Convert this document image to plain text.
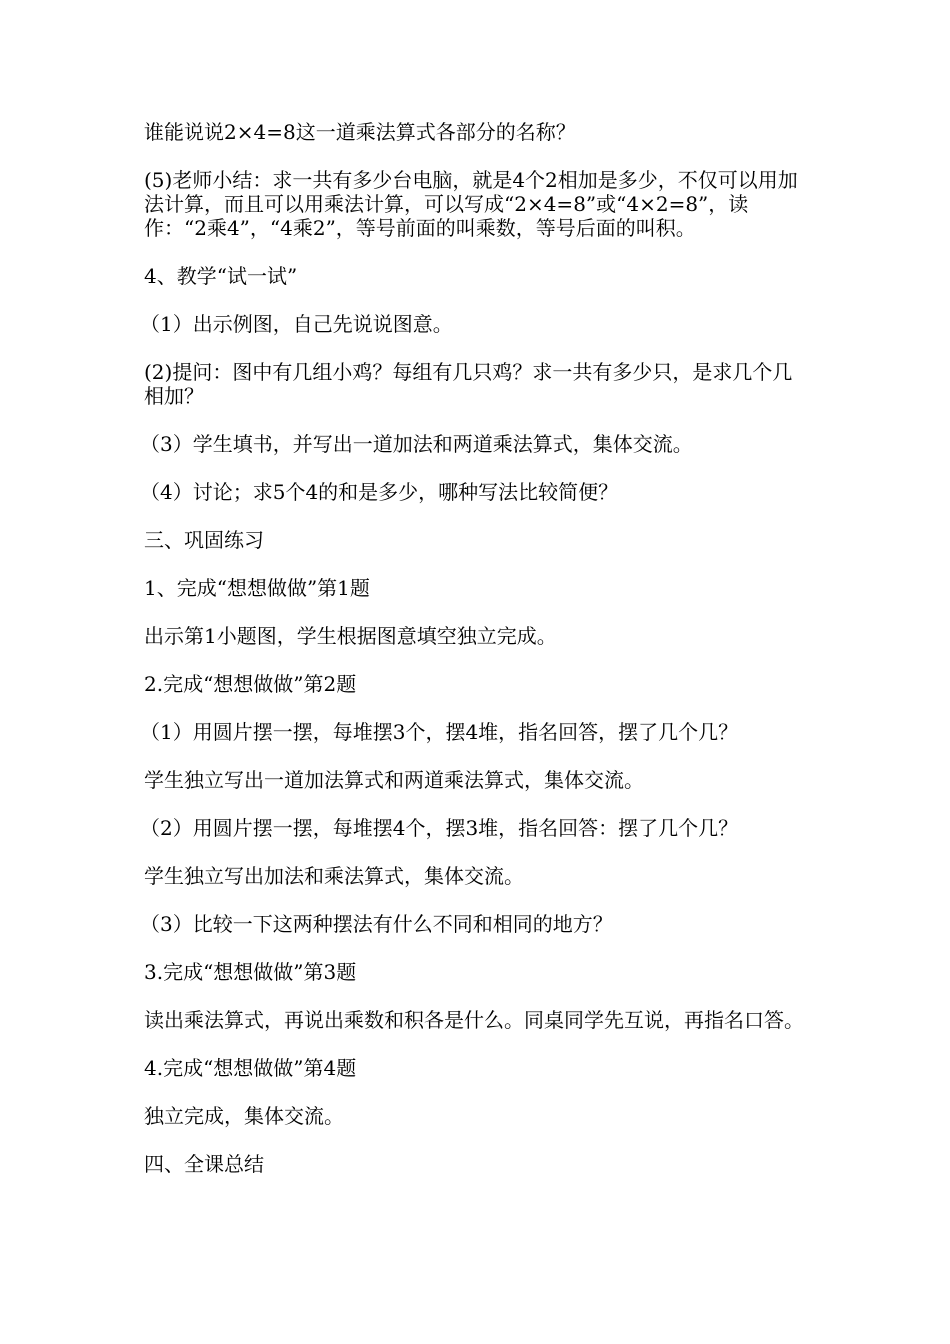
谁能说说2×4=8这一道乘法算式各部分的名称？

(5)老师小结：求一共有多少台电脑，就是4个2相加是多少，不仅可以用加法计算，而且可以用乘法计算，可以写成“2×4=8”或“4×2=8”，读作：“2乘4”，“4乘2”，等号前面的叫乘数，等号后面的叫积。

4、教学“试一试”

（1）出示例图，自己先说说图意。

(2)提问：图中有几组小鸡？每组有几只鸡？求一共有多少只，是求几个几相加？

（3）学生填书，并写出一道加法和两道乘法算式，集体交流。

（4）讨论；求5个4的和是多少，哪种写法比较简便？

三、巩固练习

1、完成“想想做做”第1题

出示第1小题图，学生根据图意填空独立完成。

2.完成“想想做做”第2题

（1）用圆片摆一摆，每堆摆3个，摆4堆，指名回答，摆了几个几？

学生独立写出一道加法算式和两道乘法算式，集体交流。

（2）用圆片摆一摆，每堆摆4个，摆3堆，指名回答：摆了几个几？

学生独立写出加法和乘法算式，集体交流。

（3）比较一下这两种摆法有什么不同和相同的地方？

3.完成“想想做做”第3题

读出乘法算式，再说出乘数和积各是什么。同桌同学先互说，再指名口答。

4.完成“想想做做”第4题

独立完成，集体交流。

四、全课总结
